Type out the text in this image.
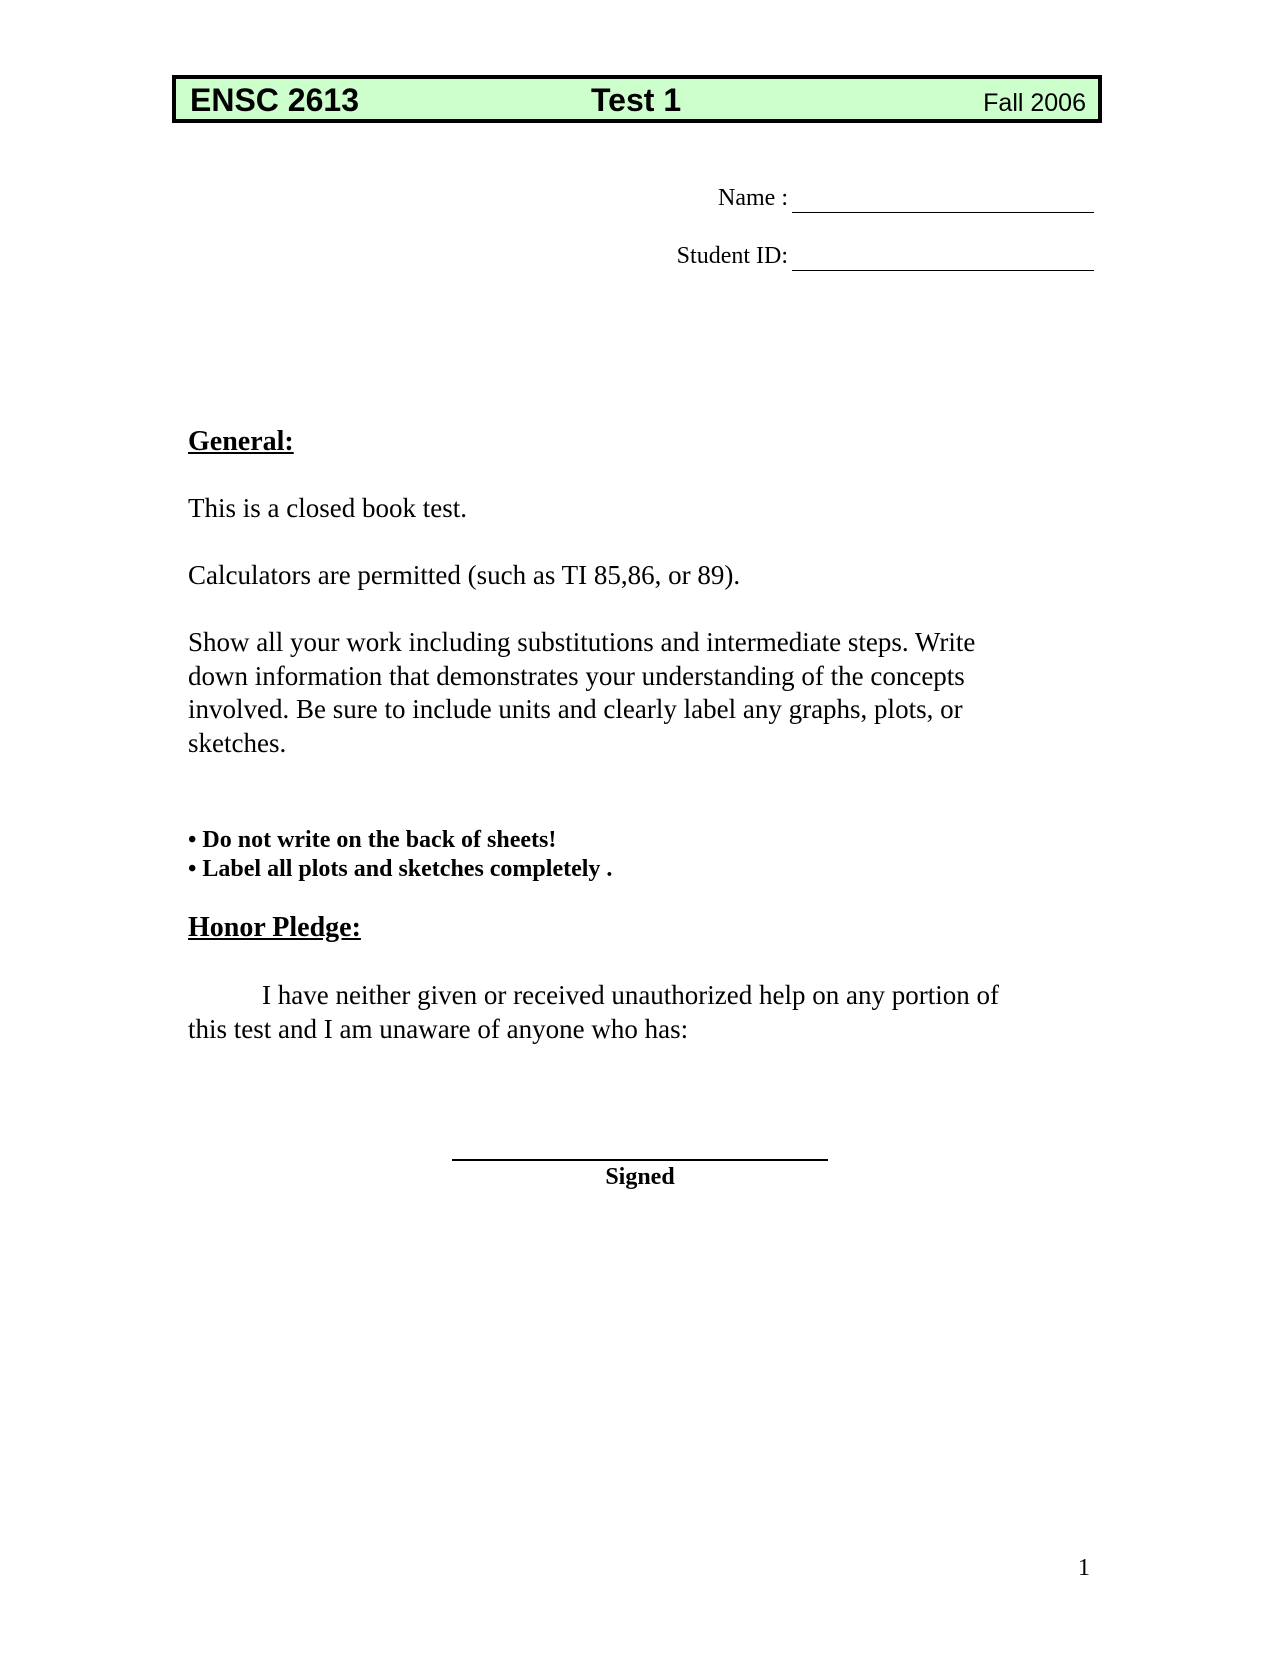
ENSC 2613	Test 1	Fall 2006
Name :
Student ID:
General:
This is a closed book test.
Calculators are permitted (such as TI 85,86, or 89).
Show all your work including substitutions and intermediate steps. Write
down information that demonstrates your understanding of the concepts
involved. Be sure to include units and clearly label any graphs, plots, or
sketches.
• Do not write on the back of sheets!
• Label all plots and sketches completely .
Honor Pledge:
I have neither given or received unauthorized help on any portion of
this test and I am unaware of anyone who has:
Signed
1
